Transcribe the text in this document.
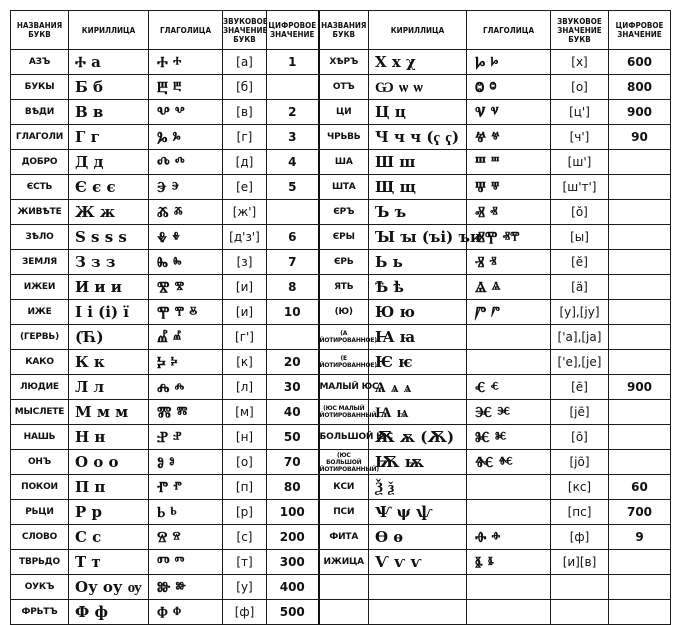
НАЗВАНИЯ БУКВ	КИРИЛЛИЦА	ГЛАГОЛИЦА	ЗВУКОВОЕ ЗНАЧЕНИЕ БУКВ	ЦИФРОВОЕ ЗНАЧЕНИЕ	НАЗВАНИЯ БУКВ	КИРИЛЛИЦА	ГЛАГОЛИЦА	ЗВУКОВОЕ ЗНАЧЕНИЕ БУКВ	ЦИФРОВОЕ ЗНАЧЕНИЕ
АЗЪ	Ⰰ а	Ⰰ ⰰ	[а]	1	ХѢРЪ	Х х χ	Ⱈ ⱈ	[х]	600
БУКЫ	Б б	Ⰱ ⰱ	[б]		ОТЪ	Ѡ ѡ ѡ	Ⱉ ⱉ	[о]	800
ВѢДИ	В в	Ⰲ ⰲ	[в]	2	ЦИ	Ц ц	Ⱌ ⱌ	[ц']	900
ГЛАГОЛИ	Г г	Ⰳ ⰳ	[г]	3	ЧРЬВЬ	Ч ч ч (ҁ ҁ)	Ⱍ ⱍ	[ч']	90
ДОБРО	Д д	Ⰴ ⰴ	[д]	4	ША	Ш ш	Ⱎ ⱎ	[ш']	
ЄСТЬ	Є є є	Ⰵ ⰵ	[е]	5	ШТА	Щ щ	Ⱋ ⱋ	[ш'т']	
ЖИВѢТЕ	Ж ж	Ⰶ ⰶ	[ж']		ЄРЪ	Ъ ъ	Ⱏ ⱏ	[ŏ]	
ЗѢЛО	Ѕ ѕ ѕ ѕ	Ⰷ ⰷ	[д'з']	6	ЄРЫ	Ꙑ ꙑ (ъі) ъи	ⰟⰉ ⱏⰹ	[ы]	
ЗЕМЛЯ	З з з	Ⰸ ⰸ	[з]	7	ЄРЬ	Ь ь	Ⱐ ⱐ	[ĕ]	
ИЖЕИ	И и и	Ⰺ ⰺ	[и]	8	ЯТЬ	Ѣ ѣ	Ⱑ ⱑ	[ä]	
ИЖЕ	І і (і) ї	Ⰹ ⰹ ⰻ	[и]	10	(Ю)	Ю ю	Ⱓ ⱓ	[у],[jу]	
(ГЕРВЬ)	(Ћ)	Ⰼ ⰼ	[г']		(А ЙОТИРОВАННОЕ)	Ꙗ ꙗ		['a],[ja]	
КАКО	К к	Ⰽ ⰽ	[к]	20	(Е ЙОТИРОВАННОЕ)	Ѥ ѥ		['e],[je]	
ЛЮДИЕ	Л л	Ⰾ ⰾ	[л]	30	МАЛЫЙ ЮС	Ѧ ѧ ѧ	Ⱔ ⱔ	[ẽ]	900
МЫСЛЕТЕ	М м м	Ⰿ ⰿ	[м]	40	(ЮС МАЛЫЙ ЙОТИРОВАННЫЙ)	Ѩ ѩ	Ⱗ ⱗ	[jẽ]	
НАШЬ	Н н	Ⱀ ⱀ	[н]	50	БОЛЬШОЙ ЮС	Ѫ ѫ (Ѫ)	Ⱘ ⱘ	[õ]	
ОНЪ	О о о	Ⱁ ⱁ	[о]	70	(ЮС БОЛЬШОЙ ЙОТИРОВАННЫЙ)	Ѭ ѭ	Ⱙ ⱙ	[jõ]	
ПОКОИ	П п	Ⱂ ⱂ	[п]	80	КСИ	Ѯ ѯ		[кс]	60
РЬЦИ	Р р	Ⱃ ⱃ	[р]	100	ПСИ	Ѱ ψ ѱ		[пс]	700
СЛОВО	С с	Ⱄ ⱄ	[с]	200	ФИТА	Ѳ ѳ	Ⱚ ⱚ	[ф]	9
ТВРЬДО	Т т	Ⱅ ⱅ	[т]	300	ИЖИЦА	Ѵ ѵ ѵ	Ⱛ ⱛ	[и][в]	
ОУКЪ	Оу оу ѹ	Ⱆ ⱆ	[у]	400					
ФРЬТЪ	Ф ф	Ⱇ ⱇ	[ф]	500					
